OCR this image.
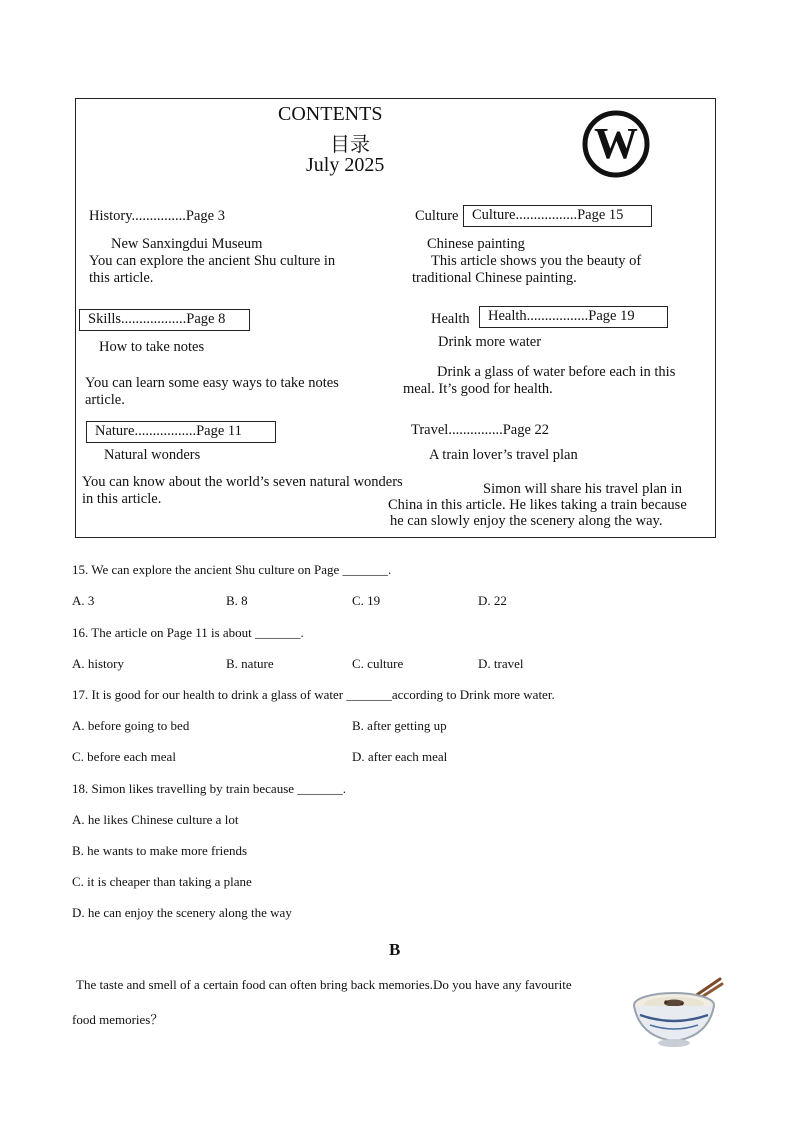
CONTENTS
目录
July 2025	W
History...............Page 3
New Sanxingdui Museum
You can explore the ancient Shu culture in
this article.
Culture Culture.................Page 15
Chinese painting
This article shows you the beauty of
traditional Chinese painting.
Skills..................Page 8
How to take notes
You can learn some easy ways to take notes
article.
Health	Health.................Page 19
Drink more water
Drink a glass of water before each in this
meal. It’s good for health.
Nature.................Page 11
Natural wonders
You can know about the world’s seven natural wonders
in this article.
Travel...............Page 22
A train lover’s travel plan
Simon will share his travel plan in
China in this article. He likes taking a train because
he can slowly enjoy the scenery along the way.
15. We can explore the ancient Shu culture on Page _______.
A. 3	B. 8	C. 19	D. 22
16. The article on Page 11 is about _______.
A. history	B. nature	C. culture	D. travel
17. It is good for our health to drink a glass of water _______according to Drink more water.
A. before going to bed	B. after getting up
C. before each meal	D. after each meal
18. Simon likes travelling by train because _______.
A. he likes Chinese culture a lot
B. he wants to make more friends
C. it is cheaper than taking a plane
D. he can enjoy the scenery along the way
B
The taste and smell of a certain food can often bring back memories.Do you have any favourite
food memories？
